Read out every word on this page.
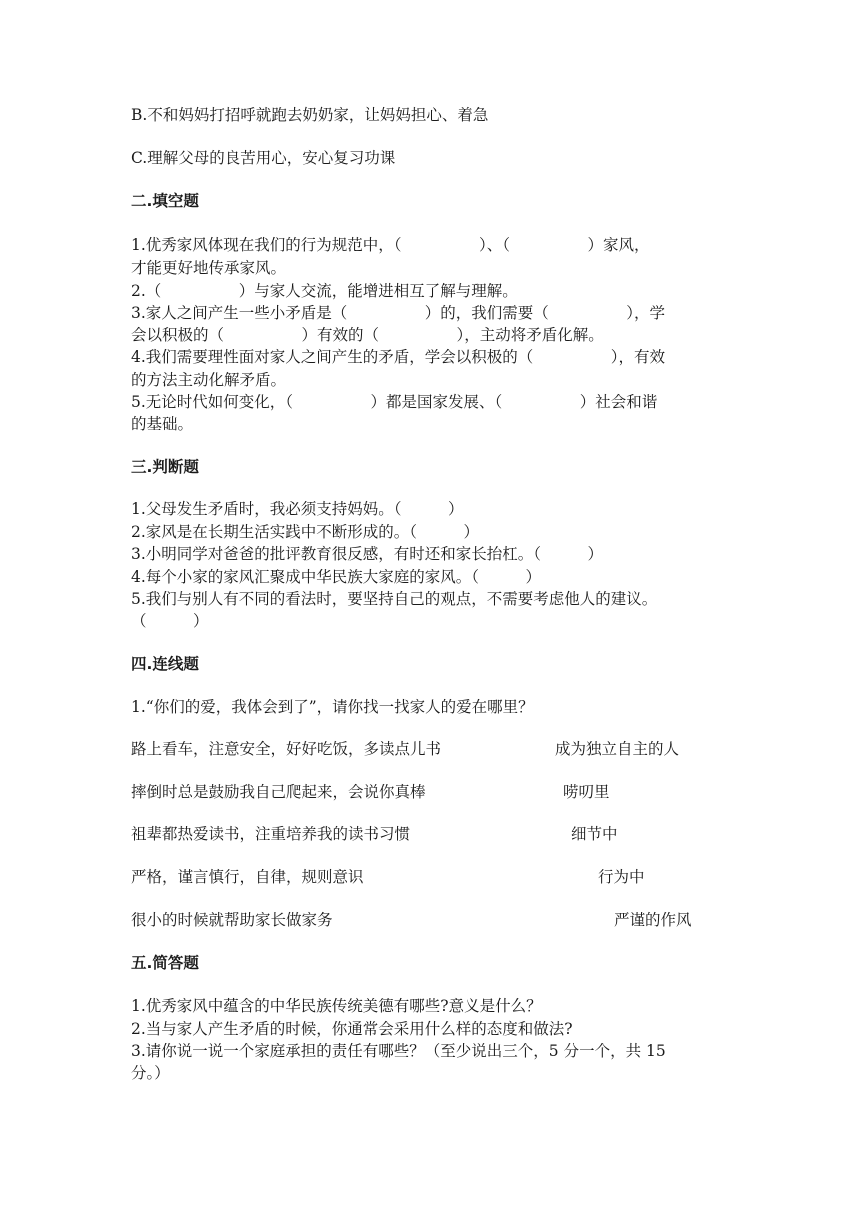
B.不和妈妈打招呼就跑去奶奶家，让妈妈担心、着急
C.理解父母的良苦用心，安心复习功课
二.填空题
1.优秀家风体现在我们的行为规范中，（　　　　　）、（　　　　　）家风，
才能更好地传承家风。
2.（　　　　　）与家人交流，能增进相互了解与理解。
3.家人之间产生一些小矛盾是（　　　　　）的，我们需要（　　　　　），学
会以积极的（　　　　　）有效的（　　　　　），主动将矛盾化解。
4.我们需要理性面对家人之间产生的矛盾，学会以积极的（　　　　　），有效
的方法主动化解矛盾。
5.无论时代如何变化，（　　　　　）都是国家发展、（　　　　　）社会和谐
的基础。
三.判断题
1.父母发生矛盾时，我必须支持妈妈。（　　　）
2.家风是在长期生活实践中不断形成的。（　　　）
3.小明同学对爸爸的批评教育很反感，有时还和家长抬杠。（　　　）
4.每个小家的家风汇聚成中华民族大家庭的家风。（　　　）
5.我们与别人有不同的看法时，要坚持自己的观点，不需要考虑他人的建议。
（　　　）
四.连线题
1.“你们的爱，我体会到了”，请你找一找家人的爱在哪里？
路上看车，注意安全，好好吃饭，多读点儿书	成为独立自主的人
摔倒时总是鼓励我自己爬起来，会说你真棒	唠叨里
祖辈都热爱读书，注重培养我的读书习惯	细节中
严格，谨言慎行，自律，规则意识	行为中
很小的时候就帮助家长做家务	严谨的作风
五.简答题
1.优秀家风中蕴含的中华民族传统美德有哪些?意义是什么？
2.当与家人产生矛盾的时候，你通常会采用什么样的态度和做法?
3.请你说一说一个家庭承担的责任有哪些？（至少说出三个，5 分一个，共 15
分。）
